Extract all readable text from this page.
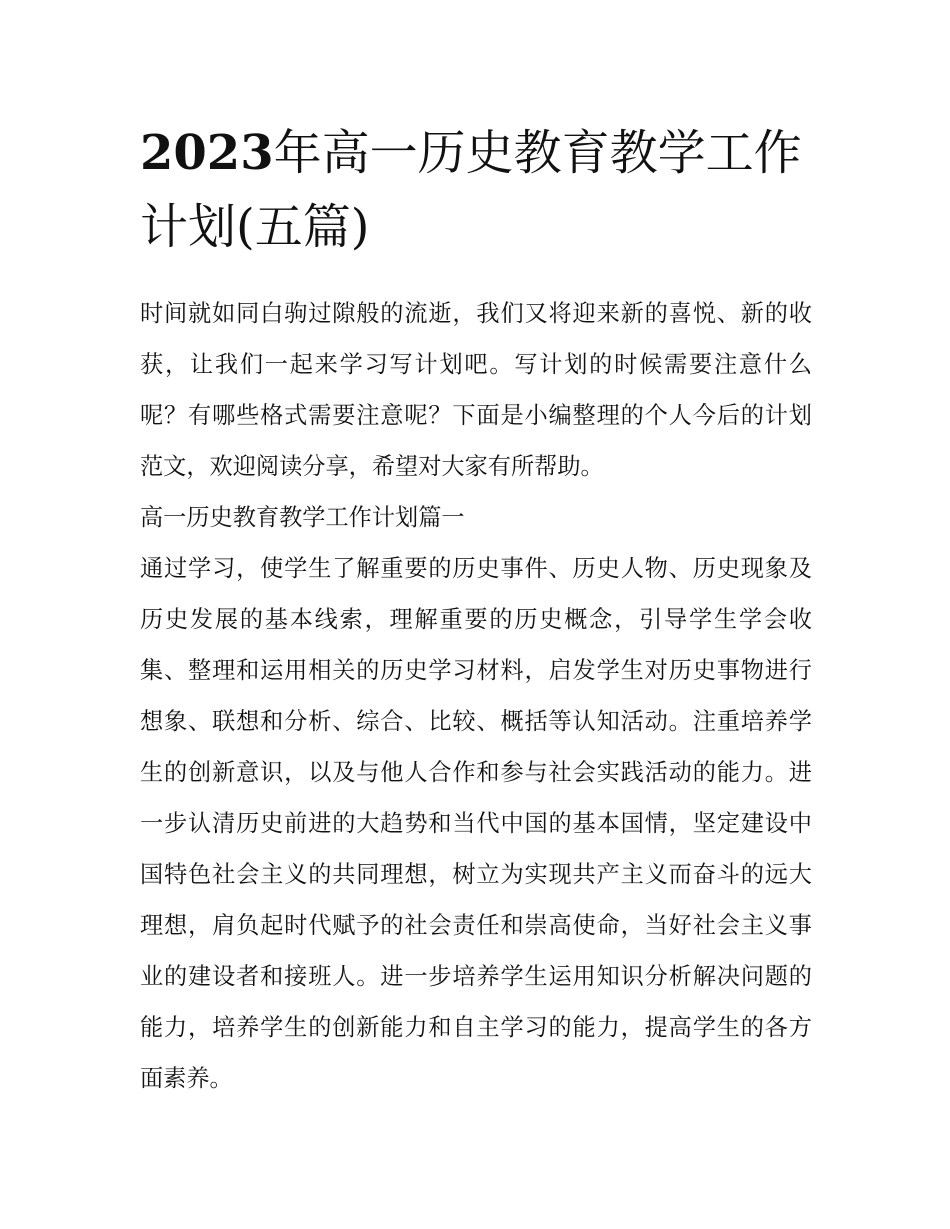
2023年高一历史教育教学工作计划(五篇)

时间就如同白驹过隙般的流逝，我们又将迎来新的喜悦、新的收获，让我们一起来学习写计划吧。写计划的时候需要注意什么呢？有哪些格式需要注意呢？下面是小编整理的个人今后的计划范文，欢迎阅读分享，希望对大家有所帮助。

高一历史教育教学工作计划篇一

通过学习，使学生了解重要的历史事件、历史人物、历史现象及历史发展的基本线索，理解重要的历史概念，引导学生学会收集、整理和运用相关的历史学习材料，启发学生对历史事物进行想象、联想和分析、综合、比较、概括等认知活动。注重培养学生的创新意识，以及与他人合作和参与社会实践活动的能力。进一步认清历史前进的大趋势和当代中国的基本国情，坚定建设中国特色社会主义的共同理想，树立为实现共产主义而奋斗的远大理想，肩负起时代赋予的社会责任和崇高使命，当好社会主义事业的建设者和接班人。进一步培养学生运用知识分析解决问题的能力，培养学生的创新能力和自主学习的能力，提高学生的各方面素养。
